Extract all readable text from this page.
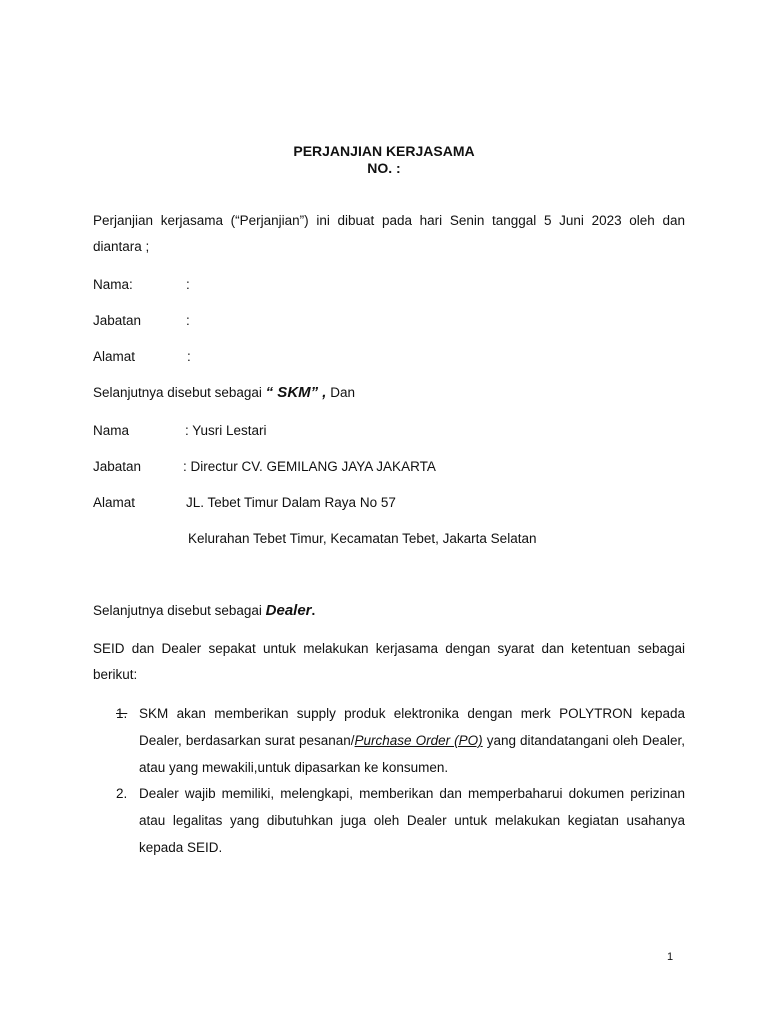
PERJANJIAN KERJASAMA
NO. :
Perjanjian kerjasama (“Perjanjian”) ini dibuat pada hari Senin tanggal 5 Juni 2023 oleh dan diantara ;
Nama:	:
Jabatan	:
Alamat	:
Selanjutnya disebut sebagai “ SKM” , Dan
Nama	: Yusri Lestari
Jabatan	: Directur CV. GEMILANG JAYA JAKARTA
Alamat	JL. Tebet Timur Dalam Raya No 57
Kelurahan Tebet Timur, Kecamatan Tebet, Jakarta Selatan
Selanjutnya disebut sebagai Dealer.
SEID dan Dealer sepakat untuk melakukan kerjasama dengan syarat dan ketentuan sebagai berikut:
1. SKM akan memberikan supply produk elektronika dengan merk POLYTRON kepada Dealer, berdasarkan surat pesanan/Purchase Order (PO) yang ditandatangani oleh Dealer, atau yang mewakili,untuk dipasarkan ke konsumen.
2. Dealer wajib memiliki, melengkapi, memberikan dan memperbaharui dokumen perizinan atau legalitas yang dibutuhkan juga oleh Dealer untuk melakukan kegiatan usahanya kepada SEID.
1
